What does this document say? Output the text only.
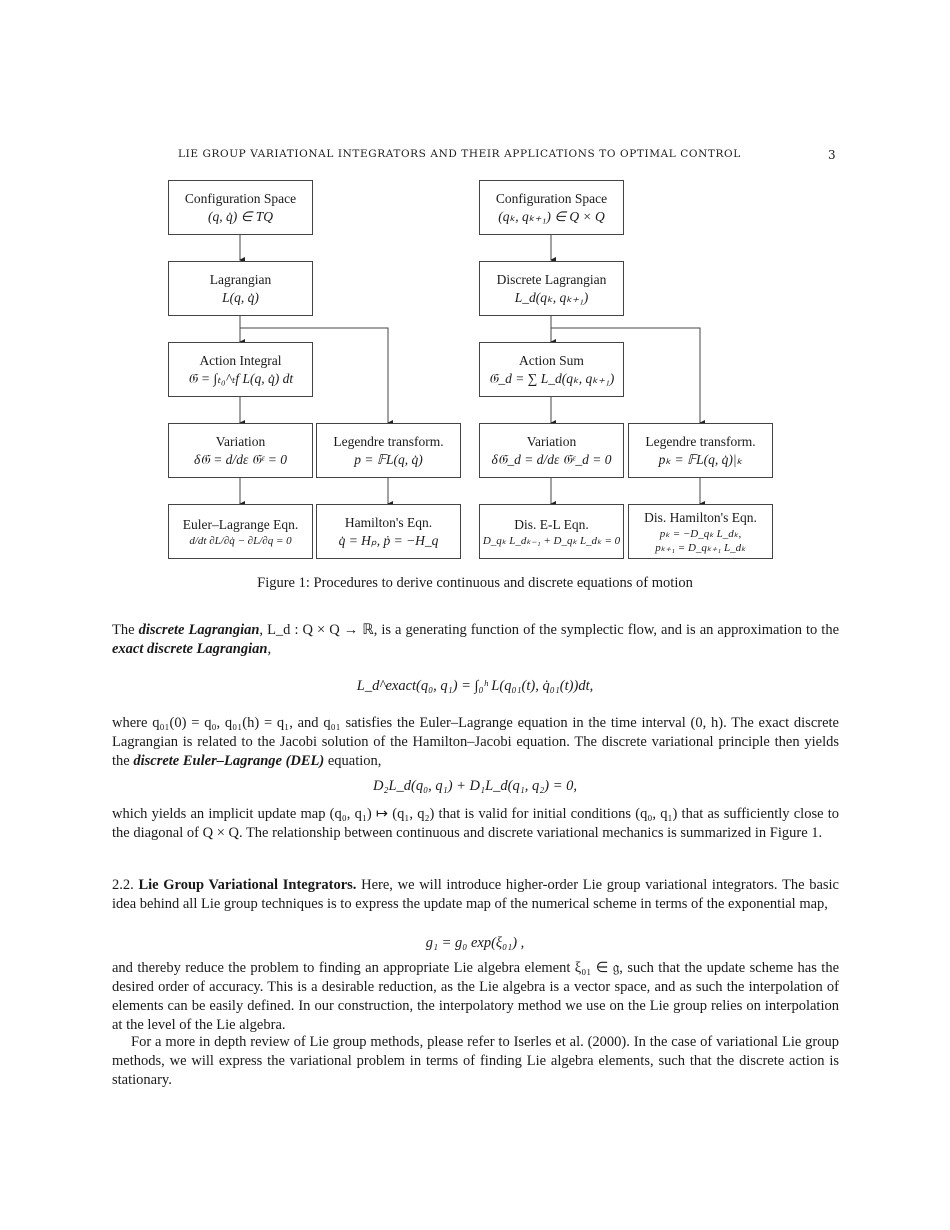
LIE GROUP VARIATIONAL INTEGRATORS AND THEIR APPLICATIONS TO OPTIMAL CONTROL	3
Configuration Space
(q, q̇) ∈ TQ
Lagrangian
L(q, q̇)
Action Integral
𝔊 = ∫ₜ₀^ₜf L(q, q̇) dt
Variation
δ𝔊 = d/dε 𝔊ᵋ = 0
Legendre transform.
p = 𝔽L(q, q̇)
Euler–Lagrange Eqn.
d/dt ∂L/∂q̇ − ∂L/∂q = 0
Hamilton's Eqn.
q̇ = Hₚ, ṗ = −H_q
Configuration Space
(qₖ, qₖ₊₁) ∈ Q × Q
Discrete Lagrangian
L_d(qₖ, qₖ₊₁)
Action Sum
𝔊_d = ∑ L_d(qₖ, qₖ₊₁)
Variation
δ𝔊_d = d/dε 𝔊ᵋ_d = 0
Legendre transform.
pₖ = 𝔽L(q, q̇)|ₖ
Dis. E-L Eqn.
D_qₖ L_dₖ₋₁ + D_qₖ L_dₖ = 0
Dis. Hamilton's Eqn.
pₖ = −D_qₖ L_dₖ,
pₖ₊₁ = D_qₖ₊₁ L_dₖ
Figure 1: Procedures to derive continuous and discrete equations of motion
The discrete Lagrangian, L_d : Q × Q → ℝ, is a generating function of the symplectic flow, and is an approximation to the exact discrete Lagrangian,
L_d^exact(q₀, q₁) = ∫₀ʰ L(q₀₁(t), q̇₀₁(t))dt,
where q₀₁(0) = q₀, q₀₁(h) = q₁, and q₀₁ satisfies the Euler–Lagrange equation in the time interval (0, h). The exact discrete Lagrangian is related to the Jacobi solution of the Hamilton–Jacobi equation. The discrete variational principle then yields the discrete Euler–Lagrange (DEL) equation,
D₂L_d(q₀, q₁) + D₁L_d(q₁, q₂) = 0,
which yields an implicit update map (q₀, q₁) ↦ (q₁, q₂) that is valid for initial conditions (q₀, q₁) that as sufficiently close to the diagonal of Q × Q. The relationship between continuous and discrete variational mechanics is summarized in Figure 1.
2.2. Lie Group Variational Integrators. Here, we will introduce higher-order Lie group variational integrators. The basic idea behind all Lie group techniques is to express the update map of the numerical scheme in terms of the exponential map,
g₁ = g₀ exp(ξ₀₁) ,
and thereby reduce the problem to finding an appropriate Lie algebra element ξ₀₁ ∈ 𝔤, such that the update scheme has the desired order of accuracy. This is a desirable reduction, as the Lie algebra is a vector space, and as such the interpolation of elements can be easily defined. In our construction, the interpolatory method we use on the Lie group relies on interpolation at the level of the Lie algebra.
For a more in depth review of Lie group methods, please refer to Iserles et al. (2000). In the case of variational Lie group methods, we will express the variational problem in terms of finding Lie algebra elements, such that the discrete action is stationary.
